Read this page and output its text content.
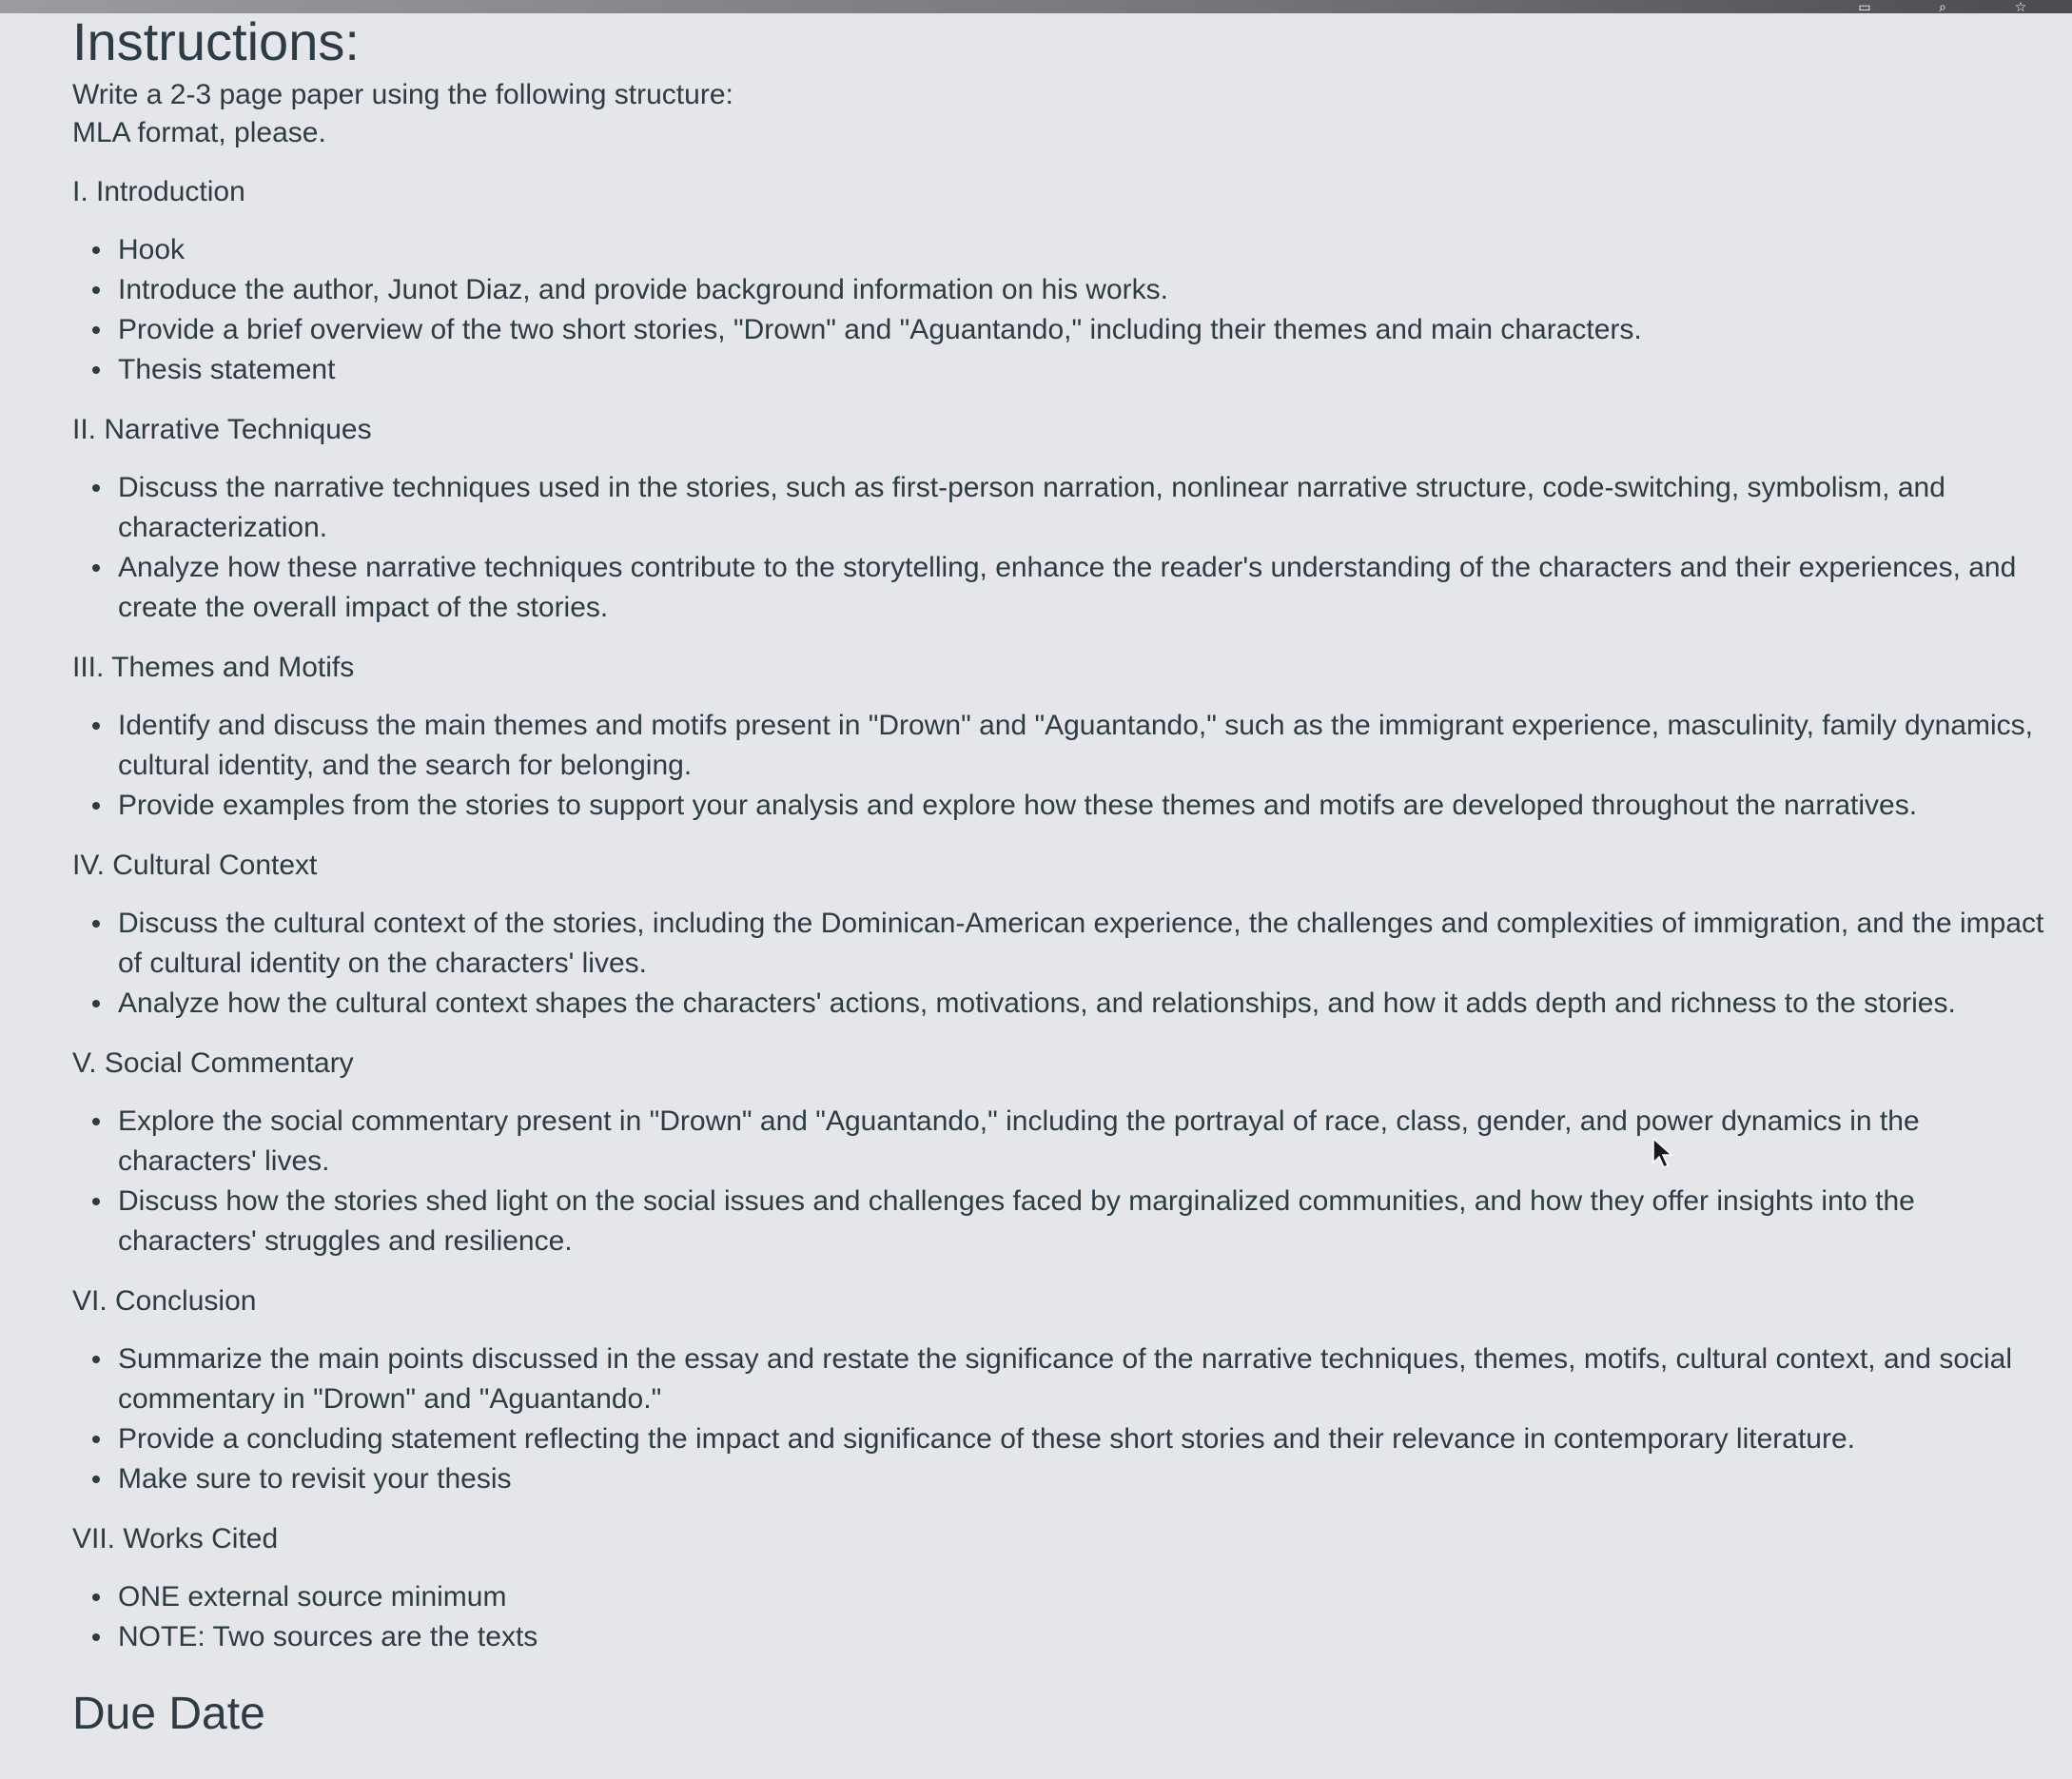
▭	⌕	☆
Instructions:

Write a 2-3 page paper using the following structure:

MLA format, please.

I. Introduction

Hook
Introduce the author, Junot Diaz, and provide background information on his works.
Provide a brief overview of the two short stories, "Drown" and "Aguantando," including their themes and main characters.
Thesis statement

II. Narrative Techniques

Discuss the narrative techniques used in the stories, such as first-person narration, nonlinear narrative structure, code-switching, symbolism, and characterization.
Analyze how these narrative techniques contribute to the storytelling, enhance the reader's understanding of the characters and their experiences, and create the overall impact of the stories.

III. Themes and Motifs

Identify and discuss the main themes and motifs present in "Drown" and "Aguantando," such as the immigrant experience, masculinity, family dynamics, cultural identity, and the search for belonging.
Provide examples from the stories to support your analysis and explore how these themes and motifs are developed throughout the narratives.

IV. Cultural Context

Discuss the cultural context of the stories, including the Dominican-American experience, the challenges and complexities of immigration, and the impact of cultural identity on the characters' lives.
Analyze how the cultural context shapes the characters' actions, motivations, and relationships, and how it adds depth and richness to the stories.

V. Social Commentary

Explore the social commentary present in "Drown" and "Aguantando," including the portrayal of race, class, gender, and power dynamics in the characters' lives.
Discuss how the stories shed light on the social issues and challenges faced by marginalized communities, and how they offer insights into the characters' struggles and resilience.

VI. Conclusion

Summarize the main points discussed in the essay and restate the significance of the narrative techniques, themes, motifs, cultural context, and social commentary in "Drown" and "Aguantando."
Provide a concluding statement reflecting the impact and significance of these short stories and their relevance in contemporary literature.
Make sure to revisit your thesis

VII. Works Cited

ONE external source minimum
NOTE: Two sources are the texts
Due Date
